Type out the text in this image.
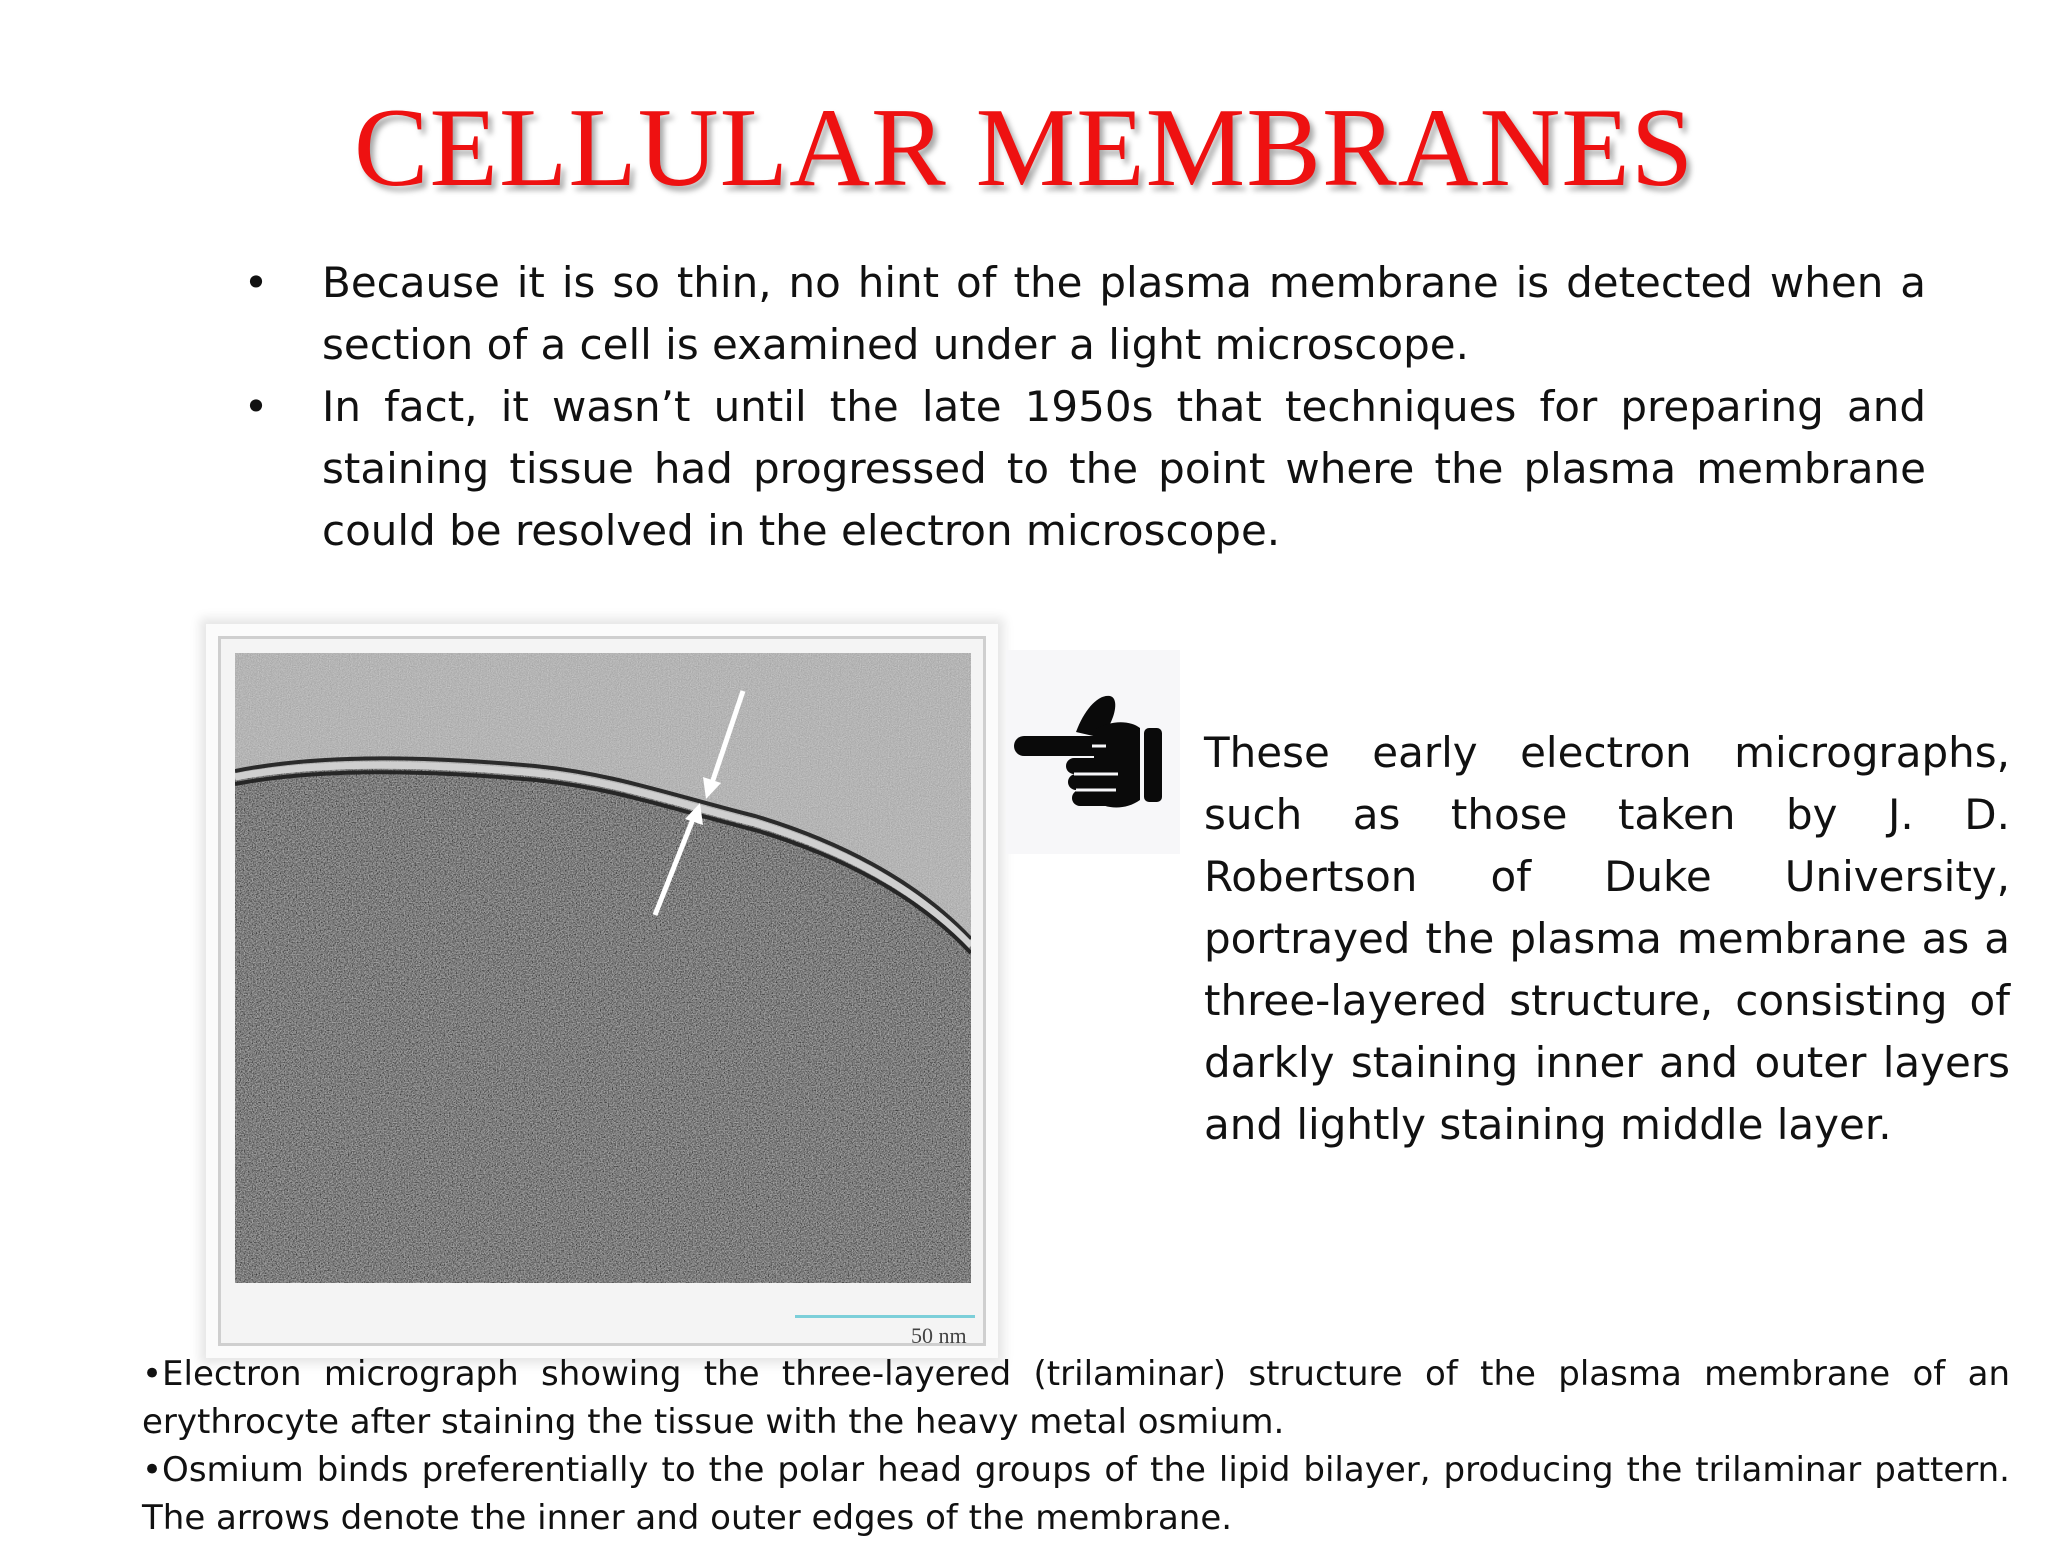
CELLULAR MEMBRANES
• Because it is so thin, no hint of the plasma membrane is detected when a section of a cell is examined under a light microscope.
• In fact, it wasn’t until the late 1950s that techniques for preparing and staining tissue had progressed to the point where the plasma membrane could be resolved in the electron microscope.
50 nm

These early electron micrographs, such as those taken by J. D. Robertson of Duke University, portrayed the plasma membrane as a three-layered structure, consisting of darkly staining inner and outer layers and lightly staining middle layer.

•Electron micrograph showing the three-layered (trilaminar) structure of the plasma membrane of an erythrocyte after staining the tissue with the heavy metal osmium.
•Osmium binds preferentially to the polar head groups of the lipid bilayer, producing the trilaminar pattern. The arrows denote the inner and outer edges of the membrane.
